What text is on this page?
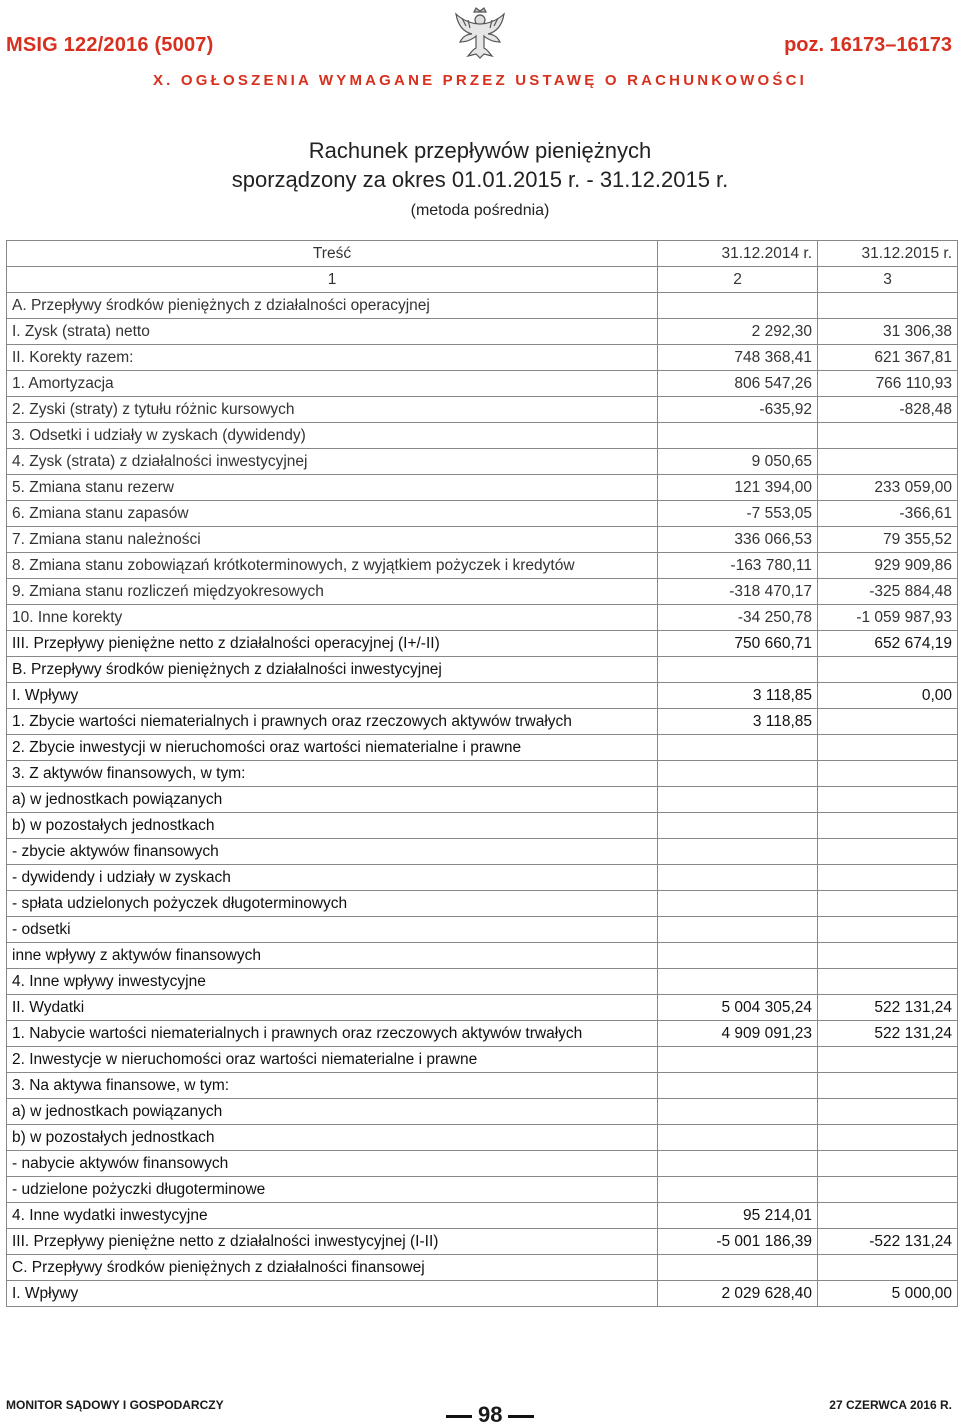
MSIG 122/2016 (5007)	poz. 16173–16173
X. OGŁOSZENIA WYMAGANE PRZEZ USTAWĘ O RACHUNKOWOŚCI
Rachunek przepływów pieniężnych
sporządzony za okres 01.01.2015 r. - 31.12.2015 r.
(metoda pośrednia)
Treść	31.12.2014 r.	31.12.2015 r.
1	2	3
A. Przepływy środków pieniężnych z działalności operacyjnej		
I. Zysk (strata) netto	2 292,30	31 306,38
II. Korekty razem:	748 368,41	621 367,81
1. Amortyzacja	806 547,26	766 110,93
2. Zyski (straty) z tytułu różnic kursowych	-635,92	-828,48
3. Odsetki i udziały w zyskach (dywidendy)		
4. Zysk (strata) z działalności inwestycyjnej	9 050,65	
5. Zmiana stanu rezerw	121 394,00	233 059,00
6. Zmiana stanu zapasów	-7 553,05	-366,61
7. Zmiana stanu należności	336 066,53	79 355,52
8. Zmiana stanu zobowiązań krótkoterminowych, z wyjątkiem pożyczek i kredytów	-163 780,11	929 909,86
9. Zmiana stanu rozliczeń międzyokresowych	-318 470,17	-325 884,48
10. Inne korekty	-34 250,78	-1 059 987,93
III. Przepływy pieniężne netto z działalności operacyjnej (I+/-II)	750 660,71	652 674,19
B. Przepływy środków pieniężnych z działalności inwestycyjnej		
I. Wpływy	3 118,85	0,00
1. Zbycie wartości niematerialnych i prawnych oraz rzeczowych aktywów trwałych	3 118,85	
2. Zbycie inwestycji w nieruchomości oraz wartości niematerialne i prawne		
3. Z aktywów finansowych, w tym:		
a) w jednostkach powiązanych		
b) w pozostałych jednostkach		
- zbycie aktywów finansowych		
- dywidendy i udziały w zyskach		
- spłata udzielonych pożyczek długoterminowych		
- odsetki		
inne wpływy z aktywów finansowych		
4. Inne wpływy inwestycyjne		
II. Wydatki	5 004 305,24	522 131,24
1. Nabycie wartości niematerialnych i prawnych oraz rzeczowych aktywów trwałych	4 909 091,23	522 131,24
2. Inwestycje w nieruchomości oraz wartości niematerialne i prawne		
3. Na aktywa finansowe, w tym:		
a) w jednostkach powiązanych		
b) w pozostałych jednostkach		
- nabycie aktywów finansowych		
- udzielone pożyczki długoterminowe		
4. Inne wydatki inwestycyjne	95 214,01	
III. Przepływy pieniężne netto z działalności inwestycyjnej (I-II)	-5 001 186,39	-522 131,24
C. Przepływy środków pieniężnych z działalności finansowej		
I. Wpływy	2 029 628,40	5 000,00
MONITOR SĄDOWY I GOSPODARCZY	98	27 CZERWCA 2016 R.
